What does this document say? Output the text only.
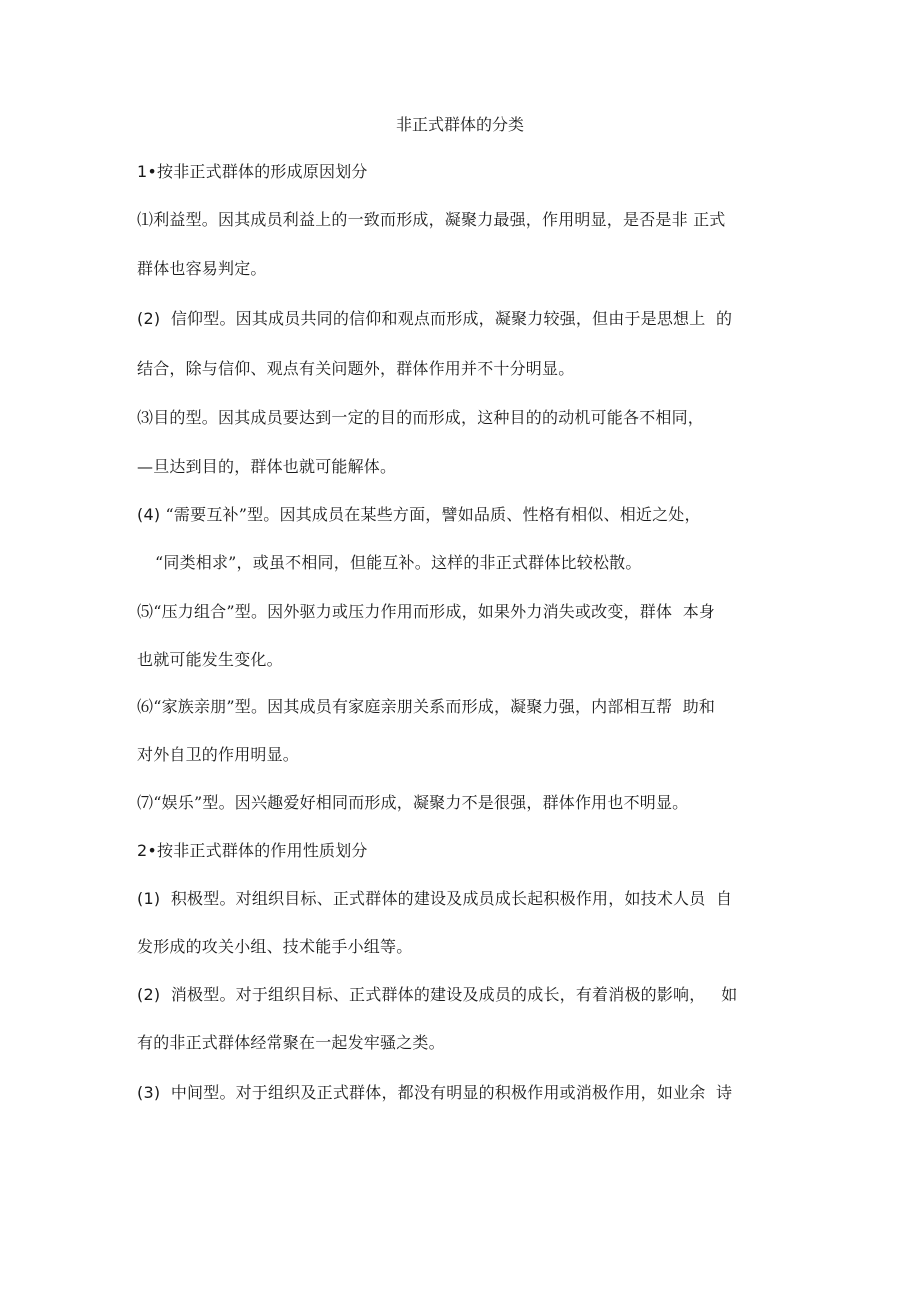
非正式群体的分类
1•按非正式群体的形成原因划分
⑴利益型。因其成员利益上的一致而形成，凝聚力最强，作用明显，是否是非 正式
群体也容易判定。
(2)  信仰型。因其成员共同的信仰和观点而形成，凝聚力较强，但由于是思想上  的
结合，除与信仰、观点有关问题外，群体作用并不十分明显。
⑶目的型。因其成员要达到一定的目的而形成，这种目的的动机可能各不相同，
—旦达到目的，群体也就可能解体。
(4) “需要互补”型。因其成员在某些方面，譬如品质、性格有相似、相近之处，
“同类相求”，或虽不相同，但能互补。这样的非正式群体比较松散。
⑸“压力组合”型。因外驱力或压力作用而形成，如果外力消失或改变，群体  本身
也就可能发生变化。
⑹“家族亲朋”型。因其成员有家庭亲朋关系而形成，凝聚力强，内部相互帮  助和
对外自卫的作用明显。
⑺“娱乐”型。因兴趣爱好相同而形成，凝聚力不是很强，群体作用也不明显。
2•按非正式群体的作用性质划分
(1)  积极型。对组织目标、正式群体的建设及成员成长起积极作用，如技术人员  自
发形成的攻关小组、技术能手小组等。
(2)  消极型。对于组织目标、正式群体的建设及成员的成长，有着消极的影响，   如
有的非正式群体经常聚在一起发牢骚之类。
(3)  中间型。对于组织及正式群体，都没有明显的积极作用或消极作用，如业余  诗
